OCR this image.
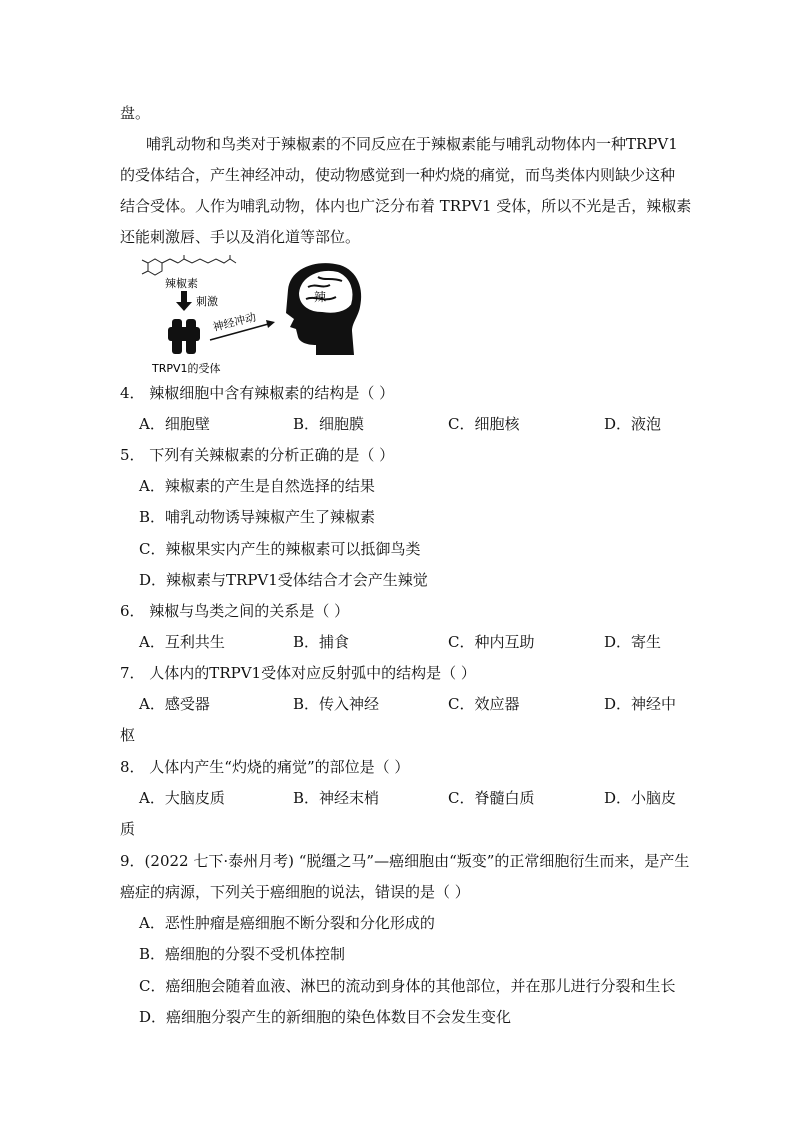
盘。
哺乳动物和鸟类对于辣椒素的不同反应在于辣椒素能与哺乳动物体内一种TRPV1
的受体结合，产生神经冲动，使动物感觉到一种灼烧的痛觉，而鸟类体内则缺少这种
结合受体。人作为哺乳动物，体内也广泛分布着 TRPV1 受体，所以不光是舌，辣椒素
还能刺激唇、手以及消化道等部位。
辣椒素
刺激
TRPV1的受体
神经冲动
辣
4． 辣椒细胞中含有辣椒素的结构是（ ）
A．细胞壁	B．细胞膜	C．细胞核	D．液泡
5． 下列有关辣椒素的分析正确的是（ ）
A．辣椒素的产生是自然选择的结果
B．哺乳动物诱导辣椒产生了辣椒素
C．辣椒果实内产生的辣椒素可以抵御鸟类
D．辣椒素与TRPV1受体结合才会产生辣觉
6． 辣椒与鸟类之间的关系是（ ）
A．互利共生	B．捕食	C．种内互助	D．寄生
7． 人体内的TRPV1受体对应反射弧中的结构是（ ）
A．感受器	B．传入神经	C．效应器	D．神经中
枢
8． 人体内产生“灼烧的痛觉”的部位是（ ）
A．大脑皮质	B．神经末梢	C．脊髓白质	D．小脑皮
质
9．(2022 七下·泰州月考) “脱缰之马”—癌细胞由“叛变”的正常细胞衍生而来，是产生
癌症的病源，下列关于癌细胞的说法，错误的是（ ）
A．恶性肿瘤是癌细胞不断分裂和分化形成的
B．癌细胞的分裂不受机体控制
C．癌细胞会随着血液、淋巴的流动到身体的其他部位，并在那儿进行分裂和生长
D．癌细胞分裂产生的新细胞的染色体数目不会发生变化
